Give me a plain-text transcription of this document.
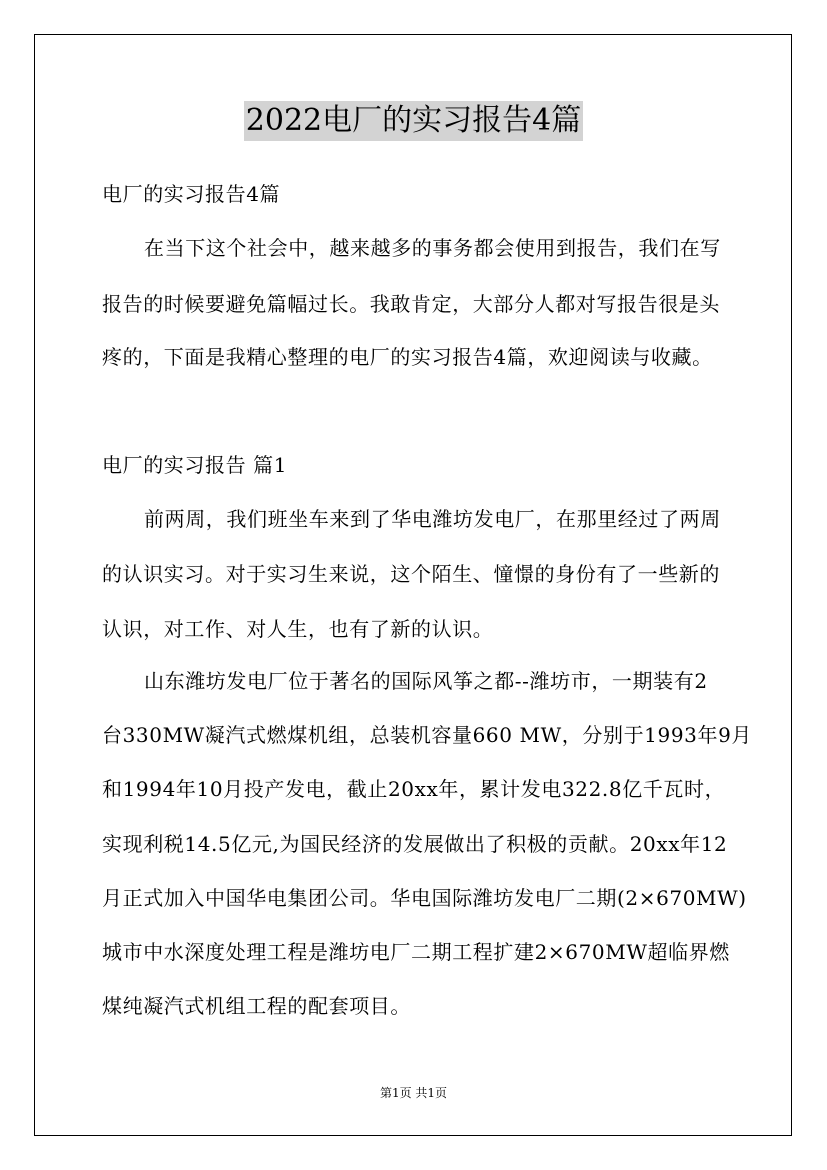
2022电厂的实习报告4篇
电厂的实习报告4篇
在当下这个社会中，越来越多的事务都会使用到报告，我们在写
报告的时候要避免篇幅过长。我敢肯定，大部分人都对写报告很是头
疼的，下面是我精心整理的电厂的实习报告4篇，欢迎阅读与收藏。
电厂的实习报告 篇1
前两周，我们班坐车来到了华电潍坊发电厂，在那里经过了两周
的认识实习。对于实习生来说，这个陌生、憧憬的身份有了一些新的
认识，对工作、对人生，也有了新的认识。
山东潍坊发电厂位于著名的国际风筝之都--潍坊市，一期装有2
台330MW凝汽式燃煤机组，总装机容量660 MW，分别于1993年9月
和1994年10月投产发电，截止20xx年，累计发电322.8亿千瓦时，
实现利税14.5亿元,为国民经济的发展做出了积极的贡献。20xx年12
月正式加入中国华电集团公司。华电国际潍坊发电厂二期(2×670MW)
城市中水深度处理工程是潍坊电厂二期工程扩建2×670MW超临界燃
煤纯凝汽式机组工程的配套项目。
第1页 共1页
